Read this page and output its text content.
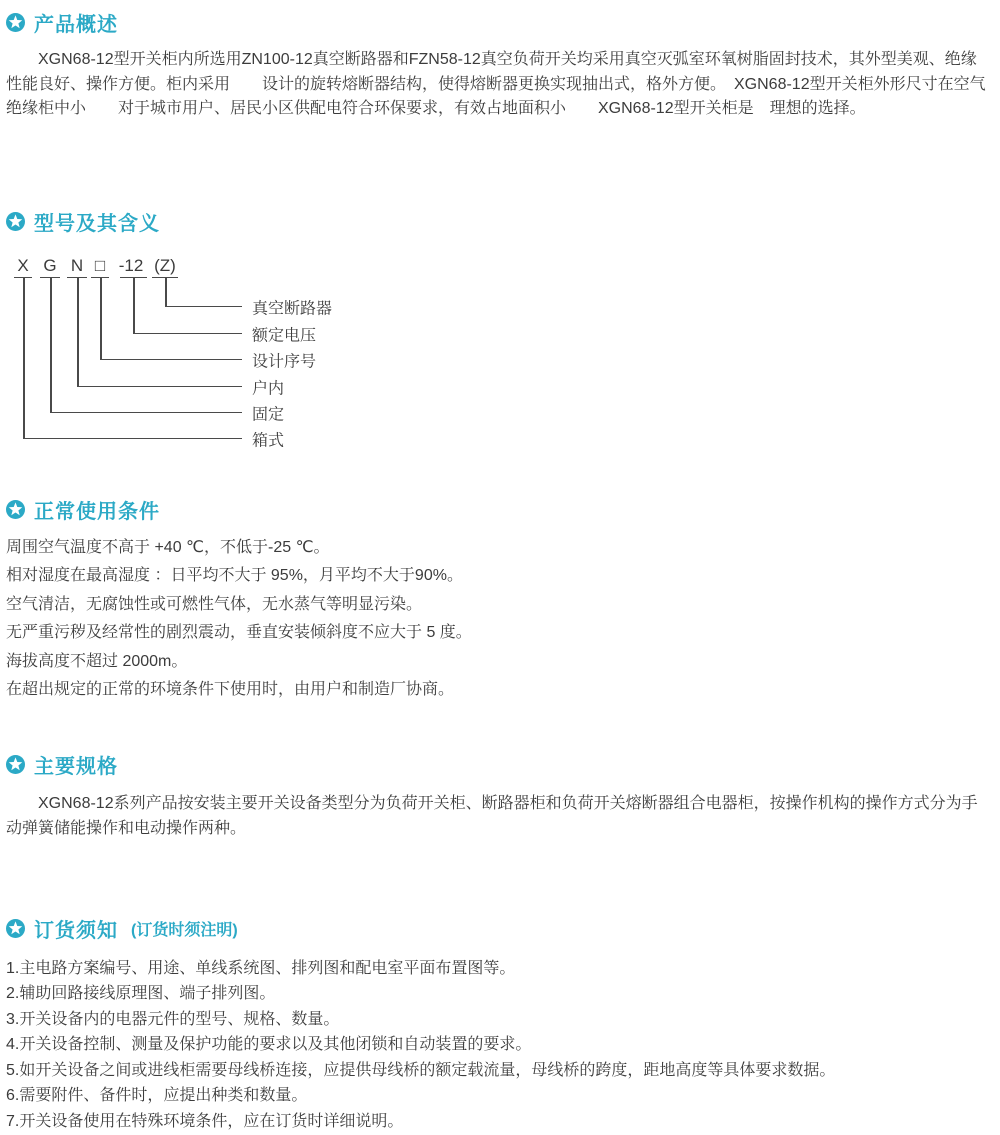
产品概述

XGN68-12型开关柜内所选用ZN100-12真空断路器和FZN58-12真空负荷开关均采用真空灭弧室环氧树脂固封技术，其外型美观、绝缘性能良好、操作方便。柜内采用　　设计的旋转熔断器结构，使得熔断器更换实现抽出式，格外方便。　XGN68-12型开关柜外形尺寸在空气绝缘柜中小　　对于城市用户、居民小区供配电符合环保要求，有效占地面积小　　XGN68-12型开关柜是　理想的选择。

型号及其含义
X G N □ -12 (Z)
真空断路器
额定电压
设计序号
户内
固定
箱式
正常使用条件
周围空气温度不高于 +40 ℃，不低于-25 ℃。
相对湿度在最高湿度 ：日平均不大于 95%，月平均不大于90%。
空气清洁，无腐蚀性或可燃性气体，无水蒸气等明显污染。
无严重污秽及经常性的剧烈震动，垂直安装倾斜度不应大于 5 度。
海拔高度不超过 2000m。
在超出规定的正常的环境条件下使用时，由用户和制造厂协商。
主要规格

XGN68-12系列产品按安装主要开关设备类型分为负荷开关柜、断路器柜和负荷开关熔断器组合电器柜，按操作机构的操作方式分为手动弹簧储能操作和电动操作两种。

订货须知 (订货时须注明)
1.主电路方案编号、用途、单线系统图、排列图和配电室平面布置图等。
2.辅助回路接线原理图、端子排列图。
3.开关设备内的电器元件的型号、规格、数量。
4.开关设备控制、测量及保护功能的要求以及其他闭锁和自动装置的要求。
5.如开关设备之间或进线柜需要母线桥连接，应提供母线桥的额定载流量，母线桥的跨度，距地高度等具体要求数据。
6.需要附件、备件时，应提出种类和数量。
7.开关设备使用在特殊环境条件，应在订货时详细说明。
